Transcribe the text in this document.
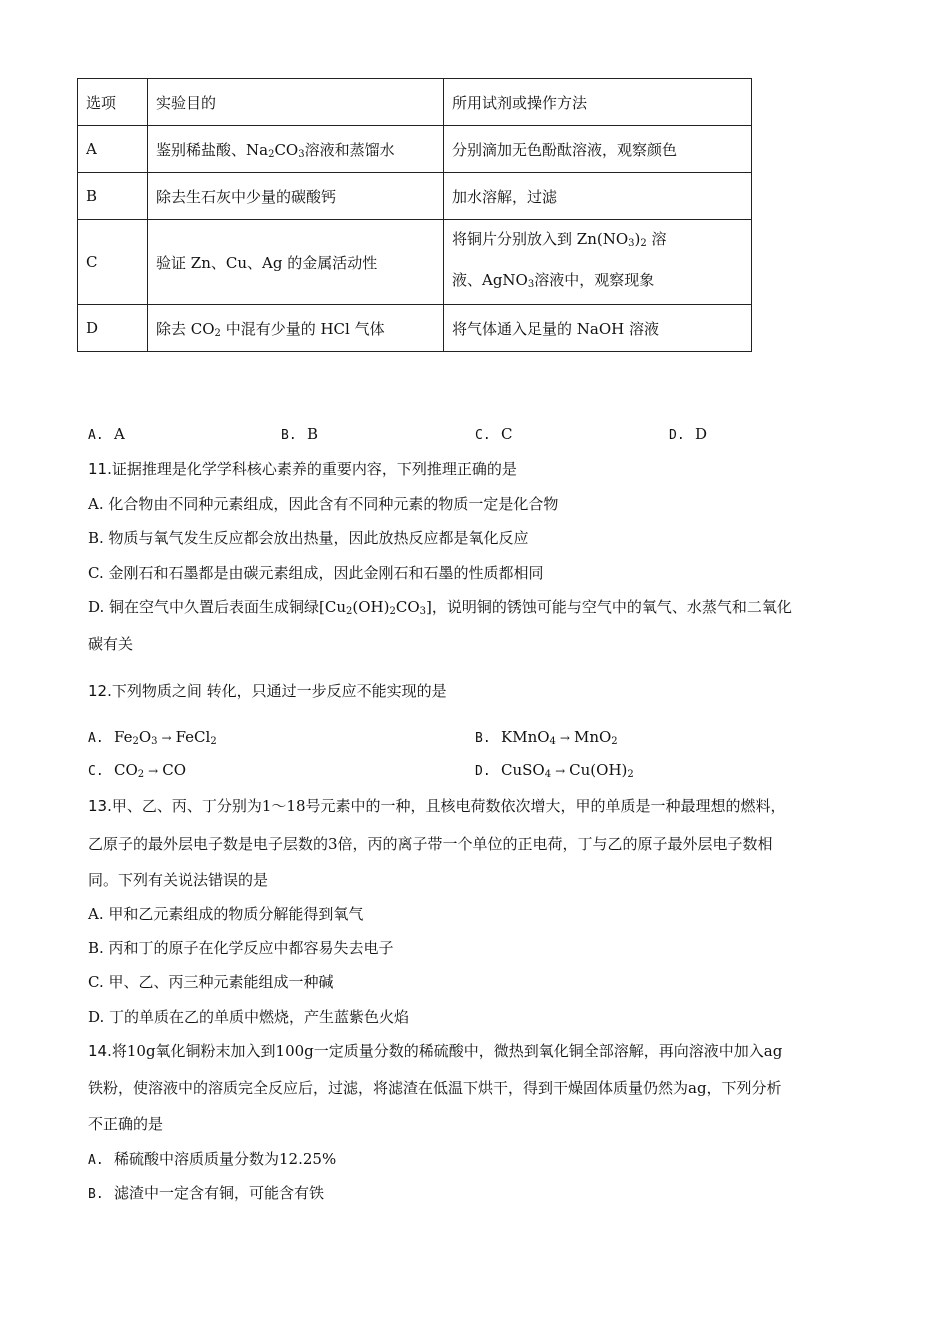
选项	实验目的	所用试剂或操作方法
A	鉴别稀盐酸、$Na_2CO_3$溶液和蒸馏水	分别滴加无色酚酞溶液，观察颜色
B	除去生石灰中少量的碳酸钙	加水溶解，过滤
C	验证 Zn、Cu、Ag 的金属活动性	将铜片分别放入到 $Zn(NO_3)_2$ 溶
液、AgNO$_3$溶液中，观察现象

D	除去 $CO_2$ 中混有少量的 HCl 气体	将气体通入足量的 NaOH 溶液
A. A	B. B	C. C	D. D
11.证据推理是化学学科核心素养的重要内容，下列推理正确的是
A. 化合物由不同种元素组成，因此含有不同种元素的物质一定是化合物
B. 物质与氧气发生反应都会放出热量，因此放热反应都是氧化反应
C. 金刚石和石墨都是由碳元素组成，因此金刚石和石墨的性质都相同
D. 铜在空气中久置后表面生成铜绿$[Cu_2(OH)_2CO_3]$，说明铜的锈蚀可能与空气中的氧气、水蒸气和二氧化
碳有关
12.下列物质之间 转化，只通过一步反应不能实现的是
A. $Fe_2O_3$ → FeCl$_2$	B. KMnO$_4$ → MnO$_2$
C. $CO_2$ → CO	D. CuSO$_4$ → $Cu(OH)_2$
13.甲、乙、丙、丁分别为1～18号元素中的一种，且核电荷数依次增大，甲的单质是一种最理想的燃料，
乙原子的最外层电子数是电子层数的3倍，丙的离子带一个单位的正电荷，丁与乙的原子最外层电子数相
同。下列有关说法错误的是
A. 甲和乙元素组成的物质分解能得到氧气
B. 丙和丁的原子在化学反应中都容易失去电子
C. 甲、乙、丙三种元素能组成一种碱
D. 丁的单质在乙的单质中燃烧，产生蓝紫色火焰
14.将10g氧化铜粉末加入到100g一定质量分数的稀硫酸中，微热到氧化铜全部溶解，再向溶液中加入ag
铁粉，使溶液中的溶质完全反应后，过滤，将滤渣在低温下烘干，得到干燥固体质量仍然为ag，下列分析
不正确的是
A. 稀硫酸中溶质质量分数为12.25%
B. 滤渣中一定含有铜，可能含有铁
